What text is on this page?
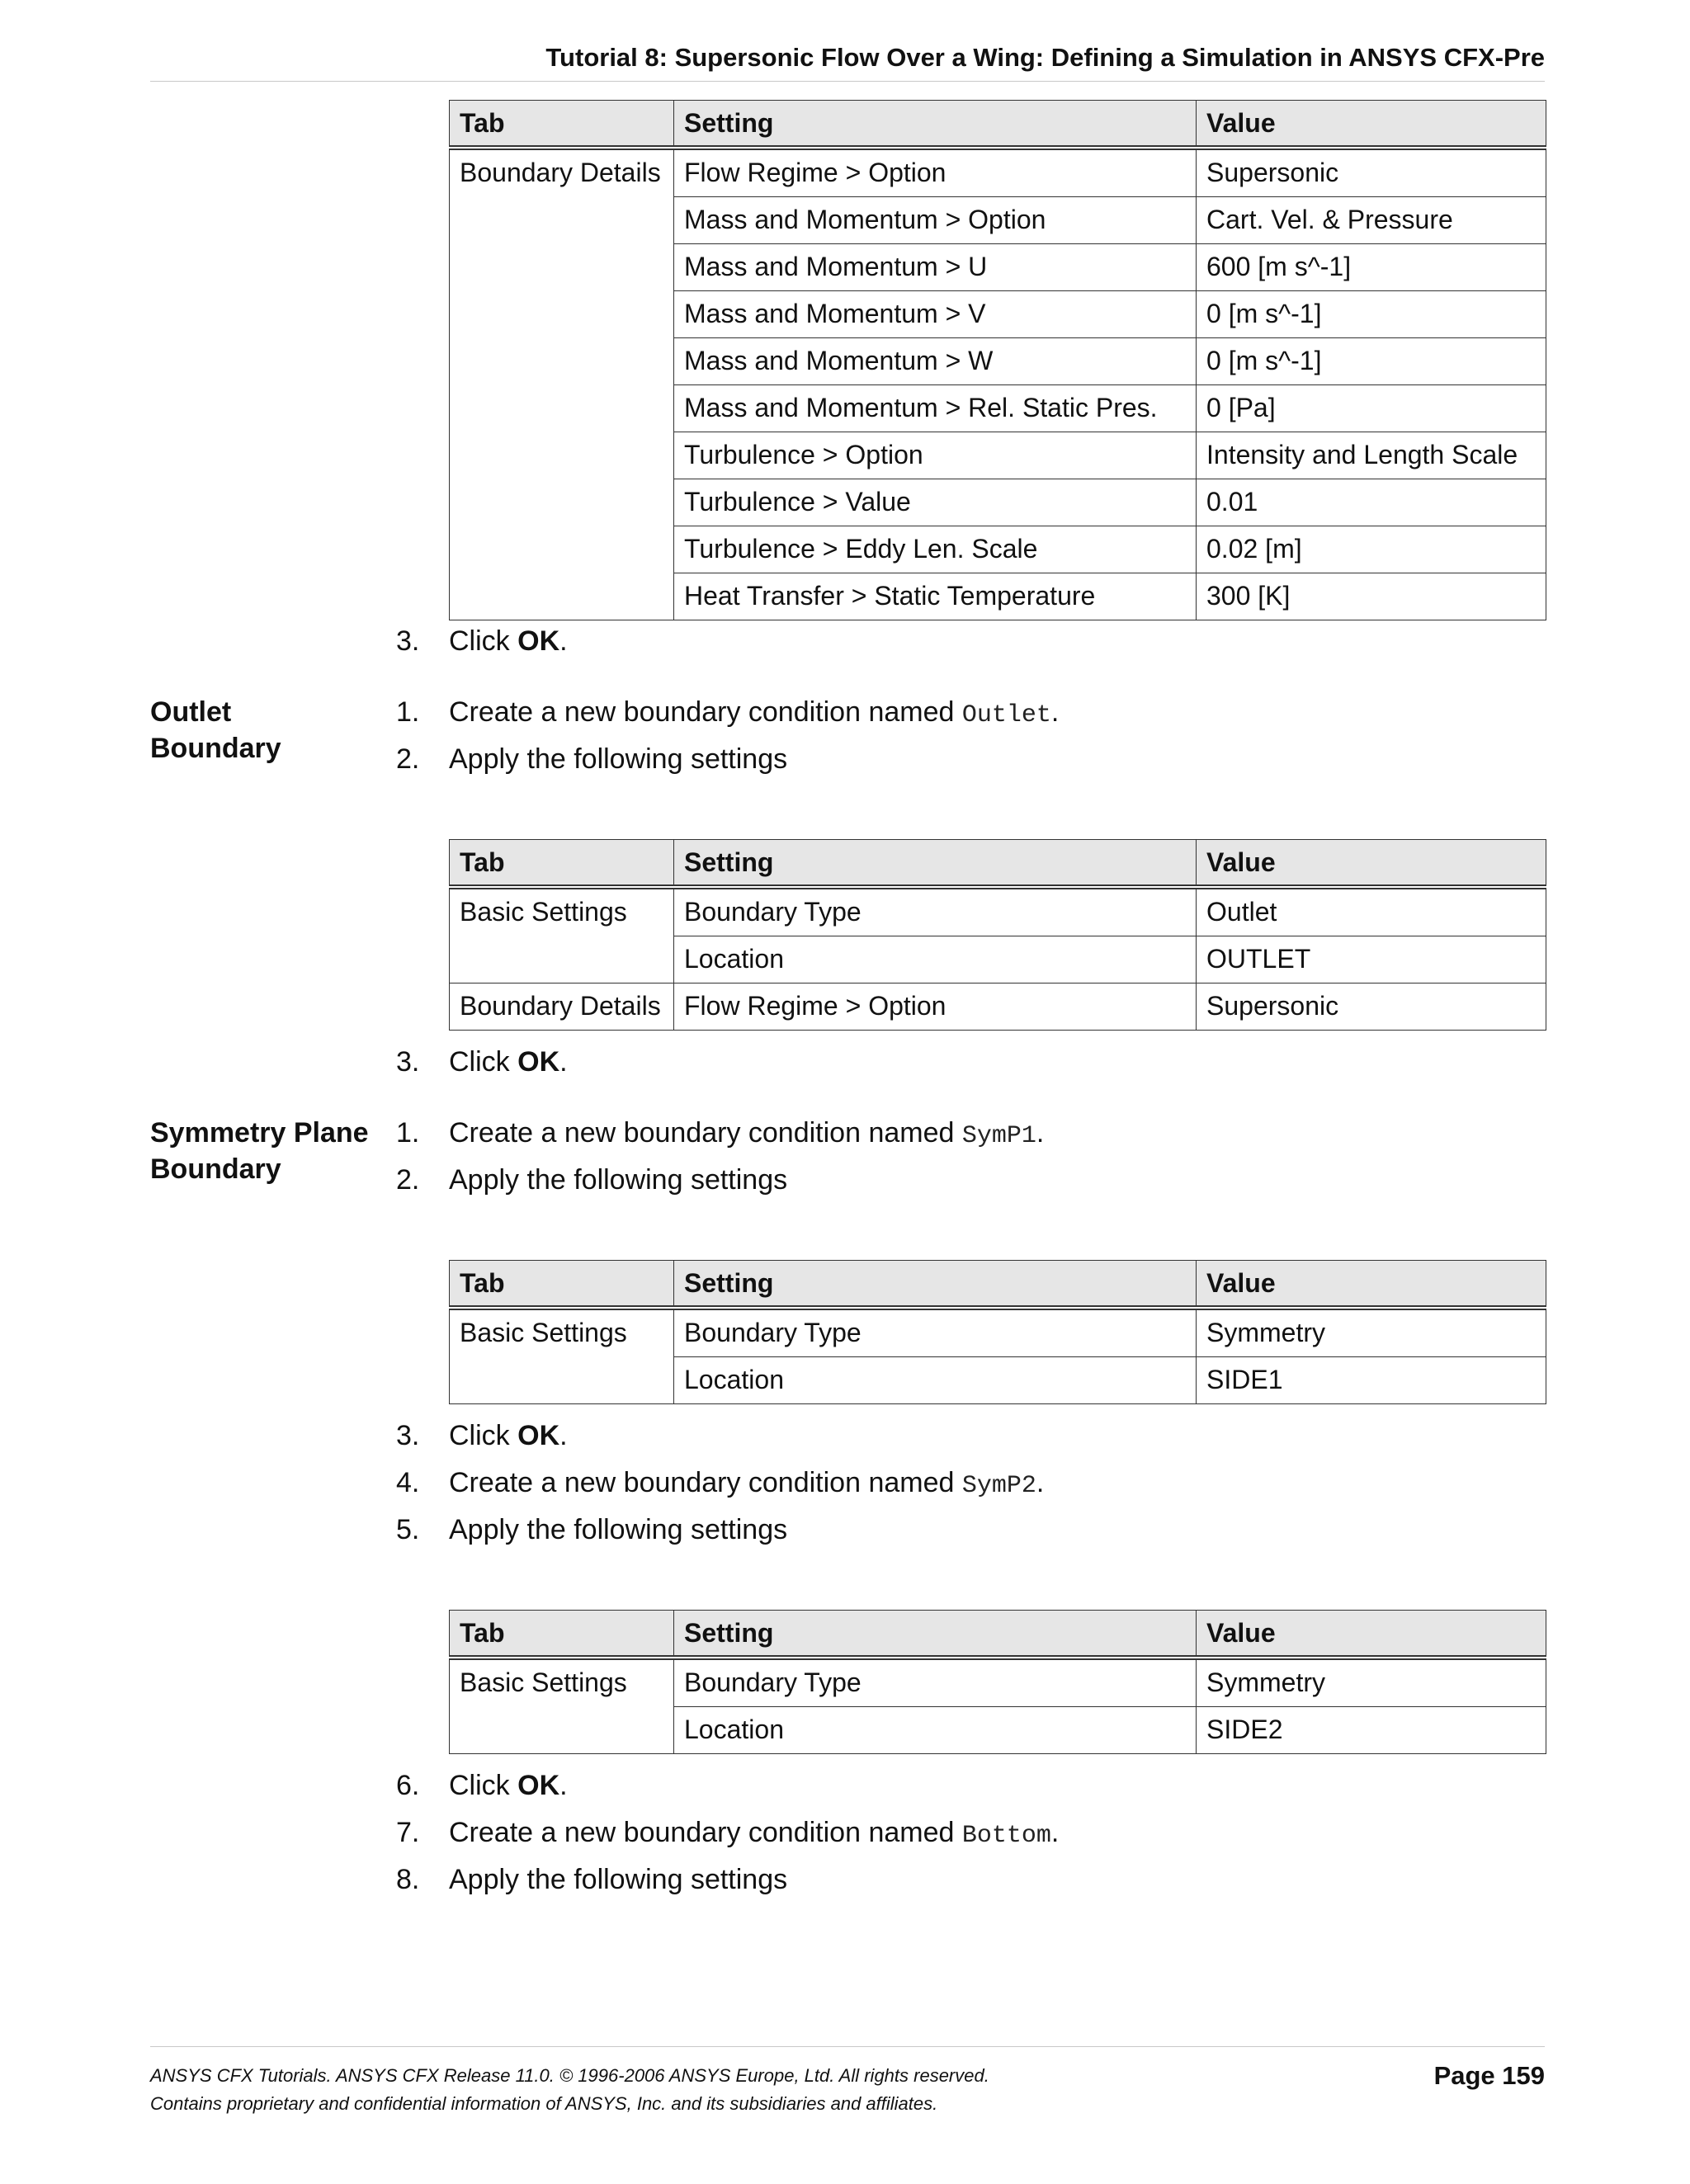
Tutorial 8: Supersonic Flow Over a Wing: Defining a Simulation in ANSYS CFX-Pre
Tab	Setting	Value
Boundary Details	Flow Regime > Option	Supersonic
	Mass and Momentum > Option	Cart. Vel. & Pressure
	Mass and Momentum > U	600 [m s^-1]
	Mass and Momentum > V	0 [m s^-1]
	Mass and Momentum > W	0 [m s^-1]
	Mass and Momentum > Rel. Static Pres.	0 [Pa]
	Turbulence > Option	Intensity and Length Scale
	Turbulence > Value	0.01
	Turbulence > Eddy Len. Scale	0.02 [m]
	Heat Transfer > Static Temperature	300 [K]
3. Click OK.
Outlet
Boundary
1. Create a new boundary condition named Outlet.
2. Apply the following settings
Tab	Setting	Value
Basic Settings	Boundary Type	Outlet
	Location	OUTLET
Boundary Details	Flow Regime > Option	Supersonic
3. Click OK.
Symmetry Plane
Boundary
1. Create a new boundary condition named SymP1.
2. Apply the following settings
Tab	Setting	Value
Basic Settings	Boundary Type	Symmetry
	Location	SIDE1
3. Click OK.
4. Create a new boundary condition named SymP2.
5. Apply the following settings
Tab	Setting	Value
Basic Settings	Boundary Type	Symmetry
	Location	SIDE2
6. Click OK.
7. Create a new boundary condition named Bottom.
8. Apply the following settings
ANSYS CFX Tutorials. ANSYS CFX Release 11.0. © 1996-2006 ANSYS Europe, Ltd. All rights reserved.
Contains proprietary and confidential information of ANSYS, Inc. and its subsidiaries and affiliates.
Page 159
